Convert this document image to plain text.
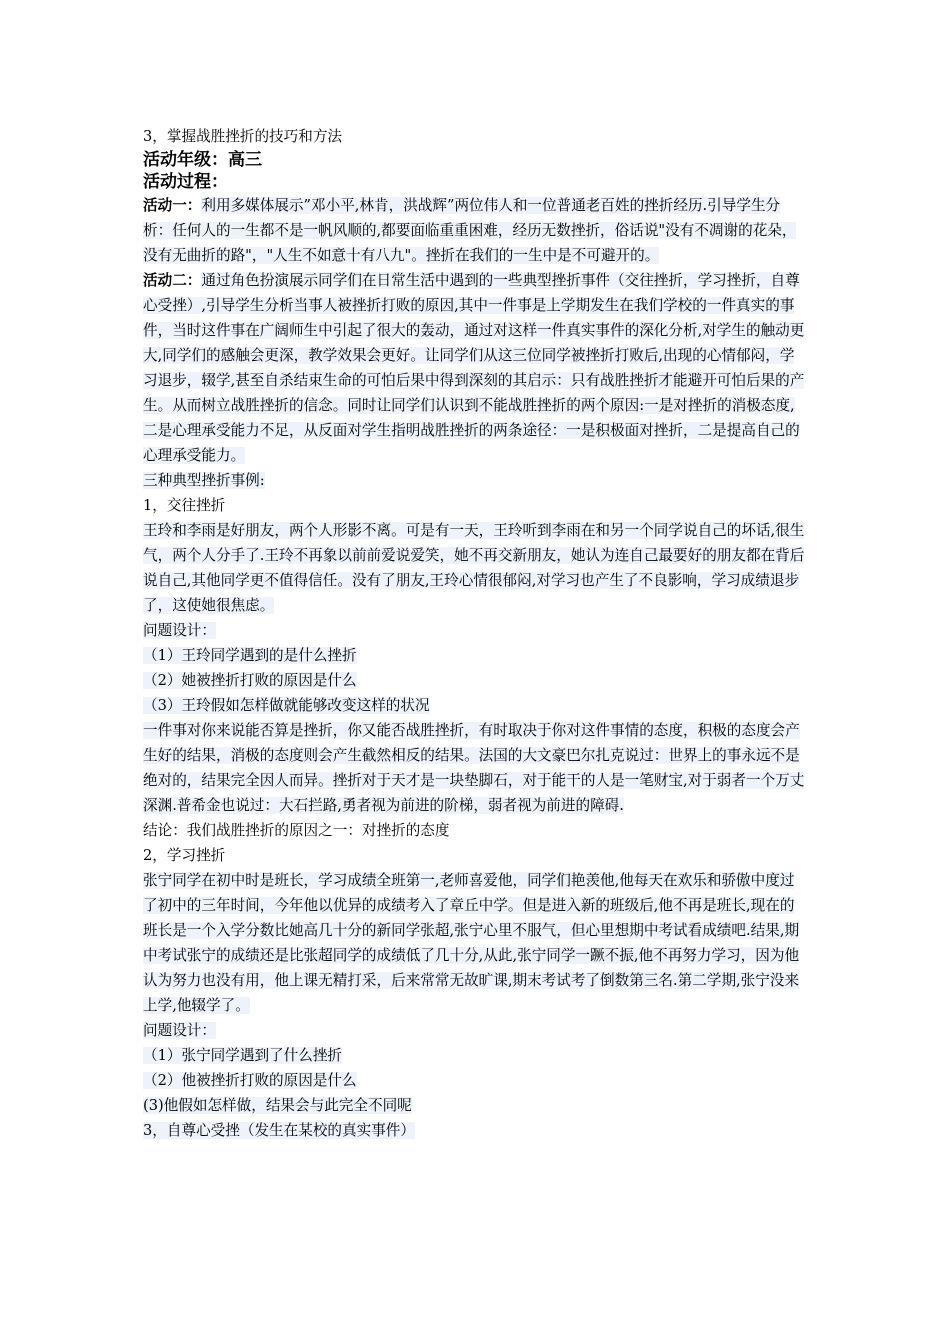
3，掌握战胜挫折的技巧和方法
活动年级：高三
活动过程：
活动一：利用多媒体展示”邓小平,林肯，洪战辉”两位伟人和一位普通老百姓的挫折经历.引导学生分析：任何人的一生都不是一帆风顺的,都要面临重重困难，经历无数挫折，俗话说"没有不凋谢的花朵，没有无曲折的路"，"人生不如意十有八九"。挫折在我们的一生中是不可避开的。
活动二：通过角色扮演展示同学们在日常生活中遇到的一些典型挫折事件（交往挫折，学习挫折，自尊心受挫）,引导学生分析当事人被挫折打败的原因,其中一件事是上学期发生在我们学校的一件真实的事件，当时这件事在广阔师生中引起了很大的轰动，通过对这样一件真实事件的深化分析,对学生的触动更大,同学们的感触会更深，教学效果会更好。让同学们从这三位同学被挫折打败后,出现的心情郁闷，学习退步，辍学,甚至自杀结束生命的可怕后果中得到深刻的其启示：只有战胜挫折才能避开可怕后果的产生。从而树立战胜挫折的信念。同时让同学们认识到不能战胜挫折的两个原因:一是对挫折的消极态度,二是心理承受能力不足，从反面对学生指明战胜挫折的两条途径：一是积极面对挫折，二是提高自己的心理承受能力。
三种典型挫折事例:
1，交往挫折
王玲和李雨是好朋友，两个人形影不离。可是有一天，王玲听到李雨在和另一个同学说自己的坏话,很生气，两个人分手了.王玲不再象以前前爱说爱笑，她不再交新朋友，她认为连自己最要好的朋友都在背后说自己,其他同学更不值得信任。没有了朋友,王玲心情很郁闷,对学习也产生了不良影响，学习成绩退步了，这使她很焦虑。
问题设计：
（1）王玲同学遇到的是什么挫折
（2）她被挫折打败的原因是什么
（3）王玲假如怎样做就能够改变这样的状况
一件事对你来说能否算是挫折，你又能否战胜挫折，有时取决于你对这件事情的态度，积极的态度会产生好的结果，消极的态度则会产生截然相反的结果。法国的大文豪巴尔扎克说过：世界上的事永远不是绝对的，结果完全因人而异。挫折对于天才是一块垫脚石，对于能干的人是一笔财宝,对于弱者一个万丈深渊.普希金也说过：大石拦路,勇者视为前进的阶梯，弱者视为前进的障碍.
结论：我们战胜挫折的原因之一：对挫折的态度
2，学习挫折
张宁同学在初中时是班长，学习成绩全班第一,老师喜爱他，同学们艳羡他,他每天在欢乐和骄傲中度过了初中的三年时间，今年他以优异的成绩考入了章丘中学。但是进入新的班级后,他不再是班长,现在的班长是一个入学分数比她高几十分的新同学张超,张宁心里不服气，但心里想期中考试看成绩吧.结果,期中考试张宁的成绩还是比张超同学的成绩低了几十分,从此,张宁同学一蹶不振,他不再努力学习，因为他认为努力也没有用，他上课无精打采，后来常常无故旷课,期末考试考了倒数第三名.第二学期,张宁没来上学,他辍学了。
问题设计：
（1）张宁同学遇到了什么挫折
（2）他被挫折打败的原因是什么
(3)他假如怎样做，结果会与此完全不同呢
3，自尊心受挫（发生在某校的真实事件）
